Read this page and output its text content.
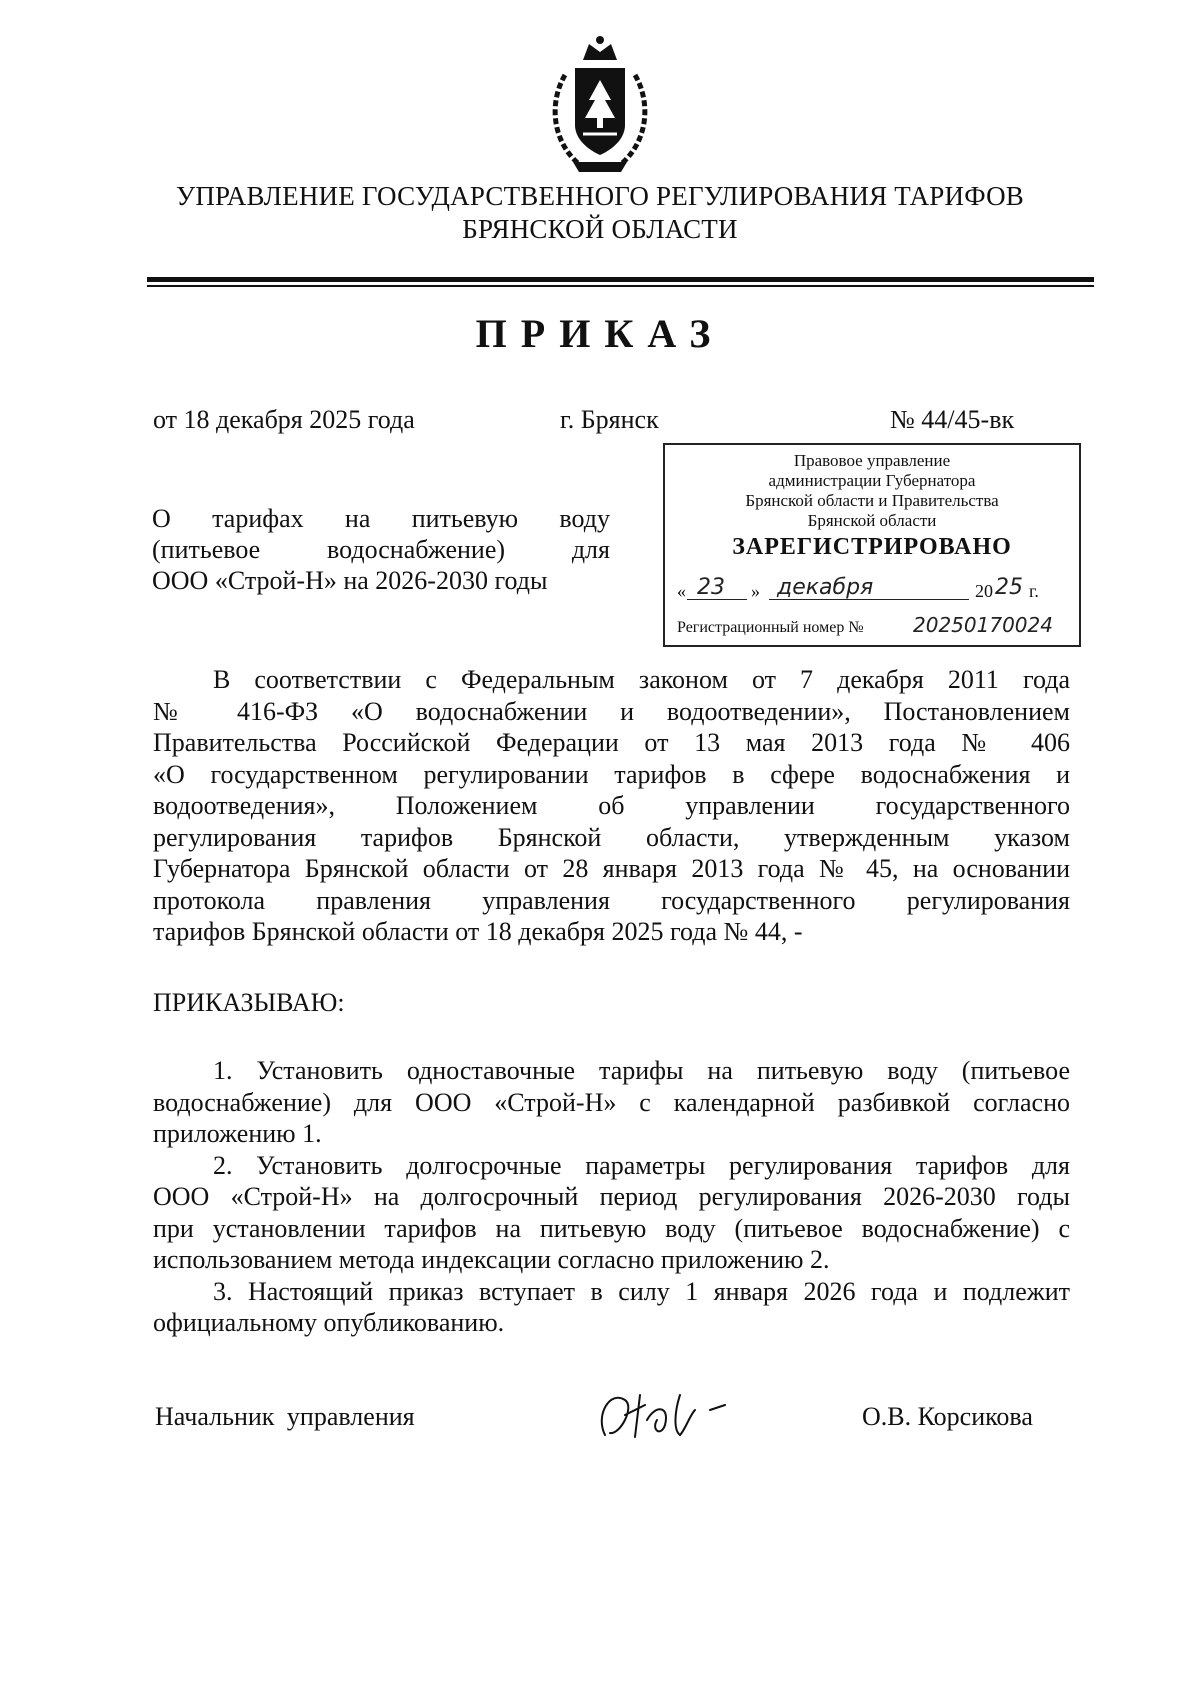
УПРАВЛЕНИЕ ГОСУДАРСТВЕННОГО РЕГУЛИРОВАНИЯ ТАРИФОВ
БРЯНСКОЙ ОБЛАСТИ
ПРИКАЗ
от 18 декабря 2025 года	г. Брянск	№ 44/45-вк
Правовое управление
администрации Губернатора
Брянской области и Правительства
Брянской области
ЗАРЕГИСТРИРОВАНО
« 23 » декабря	20 25 г.
Регистрационный номер № 20250170024
О тарифах на питьевую воду
(питьевое водоснабжение) для
ООО «Строй-Н» на 2026-2030 годы
В соответствии с Федеральным законом от 7 декабря 2011 года
№ 416-ФЗ «О водоснабжении и водоотведении», Постановлением
Правительства Российской Федерации от 13 мая 2013 года № 406
«О государственном регулировании тарифов в сфере водоснабжения и
водоотведения», Положением об управлении государственного
регулирования тарифов Брянской области, утвержденным указом
Губернатора Брянской области от 28 января 2013 года № 45, на основании
протокола правления управления государственного регулирования
тарифов Брянской области от 18 декабря 2025 года № 44, -
ПРИКАЗЫВАЮ:
1. Установить одноставочные тарифы на питьевую воду (питьевое
водоснабжение) для ООО «Строй-Н» с календарной разбивкой согласно
приложению 1.
2. Установить долгосрочные параметры регулирования тарифов для
ООО «Строй-Н» на долгосрочный период регулирования 2026-2030 годы
при установлении тарифов на питьевую воду (питьевое водоснабжение) с
использованием метода индексации согласно приложению 2.
3. Настоящий приказ вступает в силу 1 января 2026 года и подлежит
официальному опубликованию.
Начальник управления	О.В. Корсикова
